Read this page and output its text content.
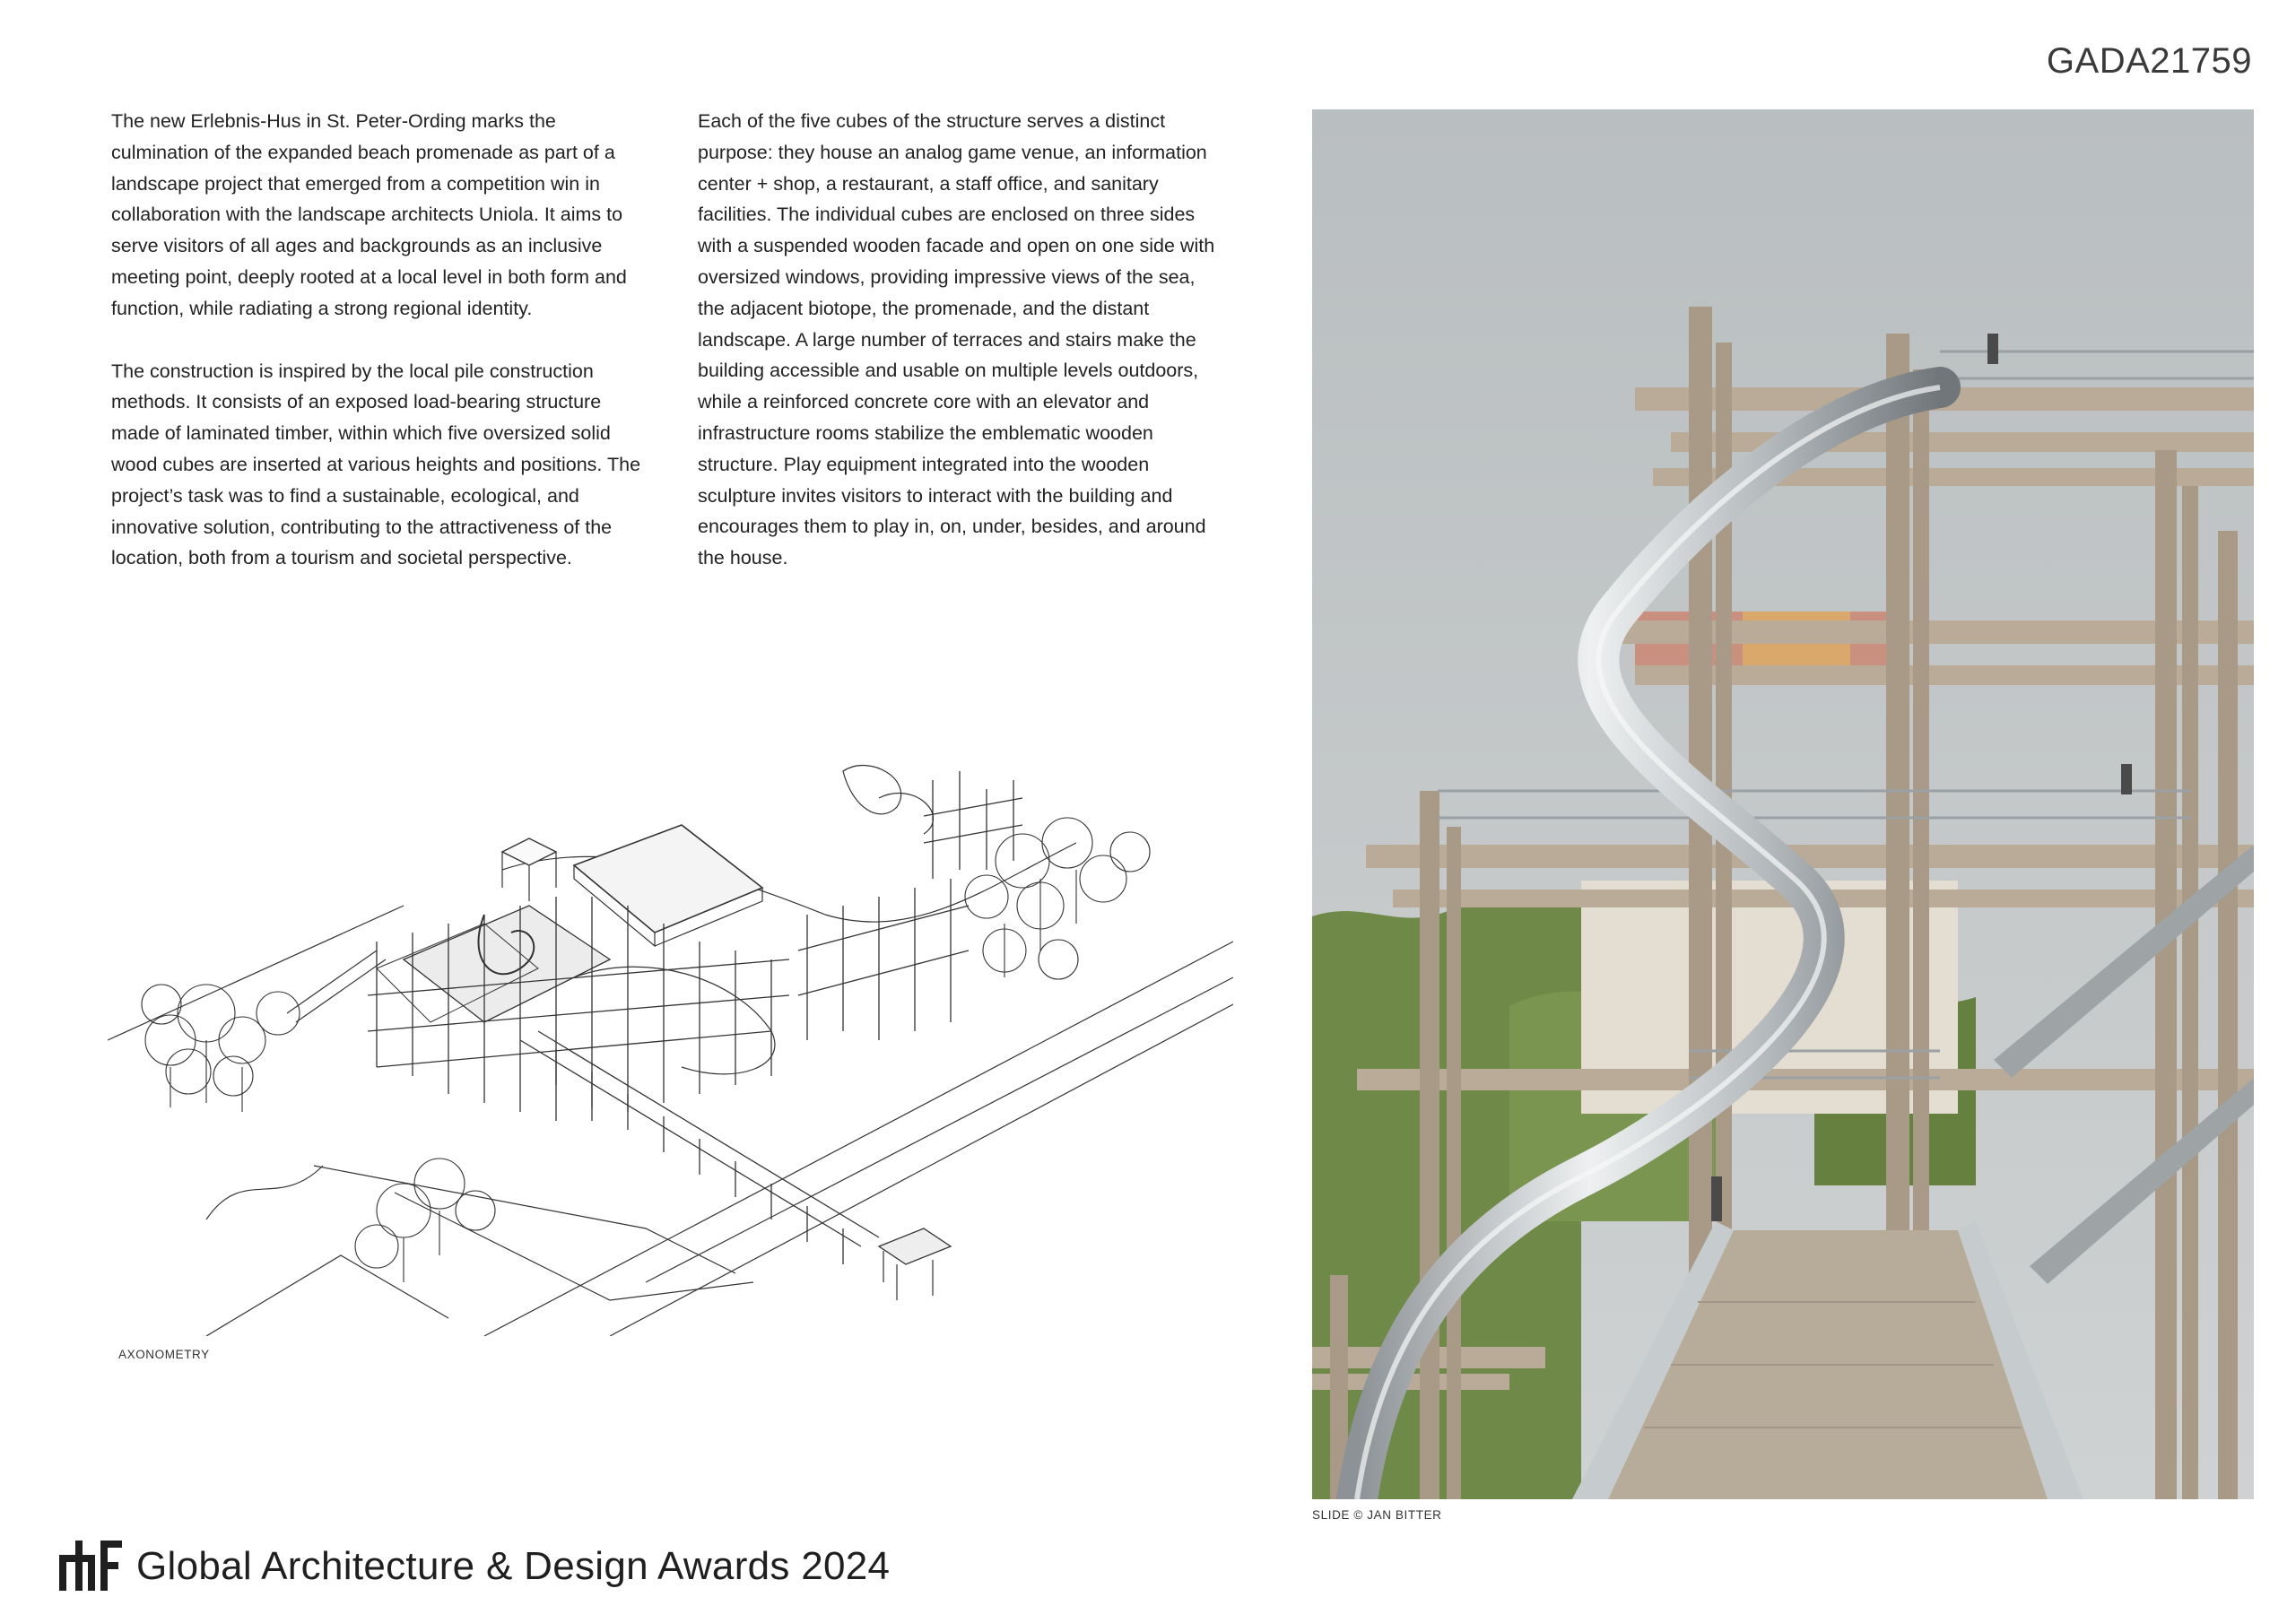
GADA21759

The new Erlebnis-Hus in St. Peter-Ording marks the culmination of the expanded beach promenade as part of a landscape project that emerged from a competition win in collaboration with the landscape architects Uniola. It aims to serve visitors of all ages and backgrounds as an inclusive meeting point, deeply rooted at a local level in both form and function, while radiating a strong regional identity.

The construction is inspired by the local pile construction methods. It consists of an exposed load-bearing structure made of laminated timber, within which five oversized solid wood cubes are inserted at various heights and positions. The project’s task was to find a sustainable, ecological, and innovative solution, contributing to the attractiveness of the location, both from a tourism and societal perspective.

Each of the five cubes of the structure serves a distinct purpose: they house an analog game venue, an information center + shop, a restaurant, a staff office, and sanitary facilities. The individual cubes are enclosed on three sides with a suspended wooden facade and open on one side with oversized windows, providing impressive views of the sea, the adjacent biotope, the promenade, and the distant landscape. A large number of terraces and stairs make the building accessible and usable on multiple levels outdoors, while a reinforced concrete core with an elevator and infrastructure rooms stabilize the emblematic wooden structure. Play equipment integrated into the wooden sculpture invites visitors to interact with the building and encourages them to play in, on, under, besides, and around the house.

AXONOMETRY
SLIDE © JAN BITTER
Global Architecture & Design Awards 2024
